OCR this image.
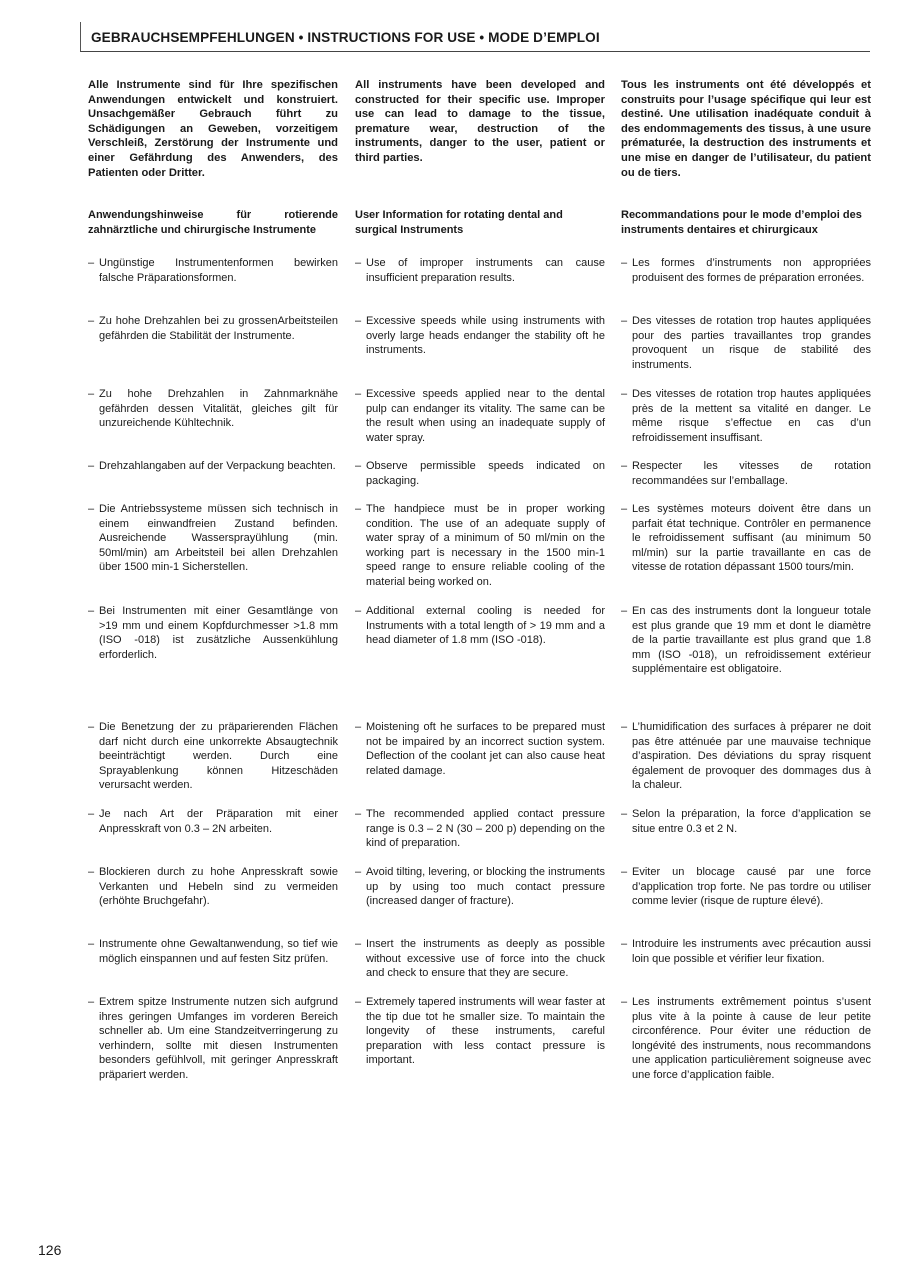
GEBRAUCHSEMPFEHLUNGEN • INSTRUCTIONS FOR USE • MODE D’EMPLOI
Alle Instrumente sind für Ihre spezifischen Anwendungen entwickelt und konstruiert. Unsachgemäßer Gebrauch führt zu Schädigungen an Geweben, vorzeitigem Verschleiß, Zerstörung der Instrumente und einer Gefährdung des Anwenders, des Patienten oder Dritter.
All instruments have been developed and constructed for their specific use. Improper use can lead to damage to the tissue, premature wear, destruction of the instruments, danger to the user, patient or third parties.
Tous les instruments ont été développés et construits pour l’usage spécifique qui leur est destiné. Une utilisation inadéquate conduit à des endommagements des tissus, à une usure prématurée, la destruction des instruments et une mise en danger de l’utilisateur, du patient ou de tiers.
Anwendungshinweise für rotierende zahnärztliche und chirurgische Instrumente
User Information for rotating dental and surgical Instruments
Recommandations pour le mode d’emploi des instruments dentaires et chirurgicaux
– Ungünstige Instrumentenformen bewirken falsche Präparationsformen.
– Use of improper instruments can cause insufficient preparation results.
– Les formes d’instruments non appropriées produisent des formes de préparation erronées.
– Zu hohe Drehzahlen bei zu grossenArbeitsteilen gefährden die Stabilität der Instrumente.
– Excessive speeds while using instruments with overly large heads endanger the stability oft he instruments.
– Des vitesses de rotation trop hautes appliquées pour des parties travaillantes trop grandes provoquent un risque de stabilité des instruments.
– Zu hohe Drehzahlen in Zahnmarknähe gefährden dessen Vitalität, gleiches gilt für unzureichende Kühltechnik.
– Excessive speeds applied near to the dental pulp can endanger its vitality. The same can be the result when using an inadequate supply of water spray.
– Des vitesses de rotation trop hautes appliquées près de la mettent sa vitalité en danger. Le même risque s’effectue en cas d’un refroidissement insuffisant.
– Drehzahlangaben auf der Verpackung beachten.
–	Observe permissible speeds indicated on packaging.
– Respecter les vitesses de rotation recommandées sur l’emballage.
– Die Antriebssysteme müssen sich technisch in einem einwandfreien Zustand befinden. Ausreichende Wassersprayühlung (min. 50ml/min) am Arbeitsteil bei allen Drehzahlen über 1500 min-1 Sicherstellen.
– The handpiece must be in proper working condition. The use of an adequate supply of water spray of a minimum of 50 ml/min on the working part is necessary in the 1500 min-1 speed range to ensure reliable cooling of the material being worked on.
– Les systèmes moteurs doivent être dans un parfait état technique. Contrôler en permanence le refroidissement suffisant (au minimum 50 ml/min) sur la partie travaillante en cas de vitesse de rotation dépassant 1500 tours/min.
– Bei Instrumenten mit einer Gesamtlänge von >19 mm und einem Kopfdurchmesser >1.8 mm (ISO -018) ist zusätzliche Aussenkühlung erforderlich.
– Additional external cooling is needed for Instruments with a total length of > 19 mm and a head diameter of 1.8 mm (ISO -018).
– En cas des instruments dont la longueur totale est plus grande que 19 mm et dont le diamètre de la partie travaillante est plus grand que 1.8 mm (ISO -018), un refroidissement extérieur supplémentaire est obligatoire.
– Die Benetzung der zu präparierenden Flächen darf nicht durch eine unkorrekte Absaugtechnik beeinträchtigt werden. Durch eine Sprayablenkung können Hitzeschäden verursacht werden.
– Moistening oft he surfaces to be prepared must not be impaired by an incorrect suction system. Deflection of the coolant jet can also cause heat related damage.
– L’humidification des surfaces à préparer ne doit pas être atténuée par une mauvaise technique d’aspiration. Des déviations du spray risquent également de provoquer des dommages dus à la chaleur.
– Je nach Art der Präparation mit einer Anpresskraft von 0.3 – 2N arbeiten.
– The recommended applied contact pressure range is 0.3 – 2 N (30 – 200 p) depending on the kind of preparation.
– Selon la préparation, la force d’application se situe entre 0.3 et 2 N.
– Blockieren durch zu hohe Anpresskraft sowie Verkanten und Hebeln sind zu vermeiden (erhöhte Bruchgefahr).
– Avoid tilting, levering, or blocking the instruments up by using too much contact pressure (increased danger of fracture).
– Eviter un blocage causé par une force d’application trop forte. Ne pas tordre ou utiliser comme levier (risque de rupture élevé).
– Instrumente ohne Gewaltanwendung, so tief wie möglich einspannen und auf festen Sitz prüfen.
– Insert the instruments as deeply as possible without excessive use of force into the chuck and check to ensure that they are secure.
– Introduire les instruments avec précaution aussi loin que possible et vérifier leur fixation.
– Extrem spitze Instrumente nutzen sich aufgrund ihres geringen Umfanges im vorderen Bereich schneller ab. Um eine Standzeitverringerung zu verhindern, sollte mit diesen Instrumenten besonders gefühlvoll, mit geringer Anpresskraft präpariert werden.
– Extremely tapered instruments will wear faster at the tip due tot he smaller size. To maintain the longevity of these instruments, careful preparation with less contact pressure is important.
– Les instruments extrêmement pointus s’usent plus vite à la pointe à cause de leur petite circonférence. Pour éviter une réduction de longévité des instruments, nous recommandons une application particulièrement soigneuse avec une force d’application faible.
126
